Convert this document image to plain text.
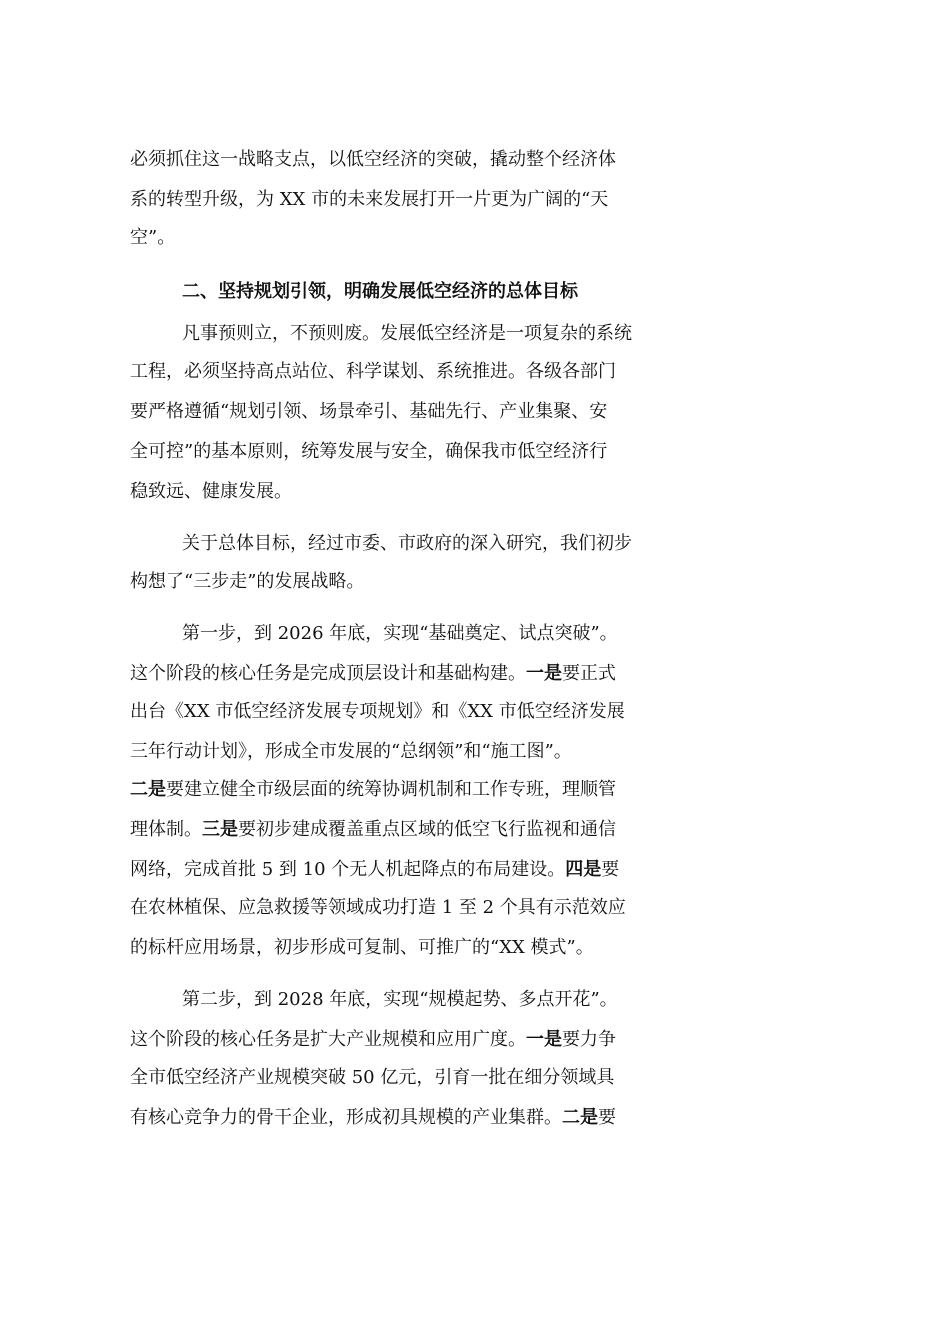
必须抓住这一战略支点，以低空经济的突破，撬动整个经济体
系的转型升级，为 XX 市的未来发展打开一片更为广阔的“天
空”。
二、坚持规划引领，明确发展低空经济的总体目标
凡事预则立，不预则废。发展低空经济是一项复杂的系统
工程，必须坚持高点站位、科学谋划、系统推进。各级各部门
要严格遵循“规划引领、场景牵引、基础先行、产业集聚、安
全可控”的基本原则，统筹发展与安全，确保我市低空经济行
稳致远、健康发展。
关于总体目标，经过市委、市政府的深入研究，我们初步
构想了“三步走”的发展战略。
第一步，到 2026 年底，实现“基础奠定、试点突破”。
这个阶段的核心任务是完成顶层设计和基础构建。一是要正式
出台《XX 市低空经济发展专项规划》和《XX 市低空经济发展
三年行动计划》，形成全市发展的“总纲领”和“施工图”。
二是要建立健全市级层面的统筹协调机制和工作专班，理顺管
理体制。三是要初步建成覆盖重点区域的低空飞行监视和通信
网络，完成首批 5 到 10 个无人机起降点的布局建设。四是要
在农林植保、应急救援等领域成功打造 1 至 2 个具有示范效应
的标杆应用场景，初步形成可复制、可推广的“XX 模式”。
第二步，到 2028 年底，实现“规模起势、多点开花”。
这个阶段的核心任务是扩大产业规模和应用广度。一是要力争
全市低空经济产业规模突破 50 亿元，引育一批在细分领域具
有核心竞争力的骨干企业，形成初具规模的产业集群。二是要
